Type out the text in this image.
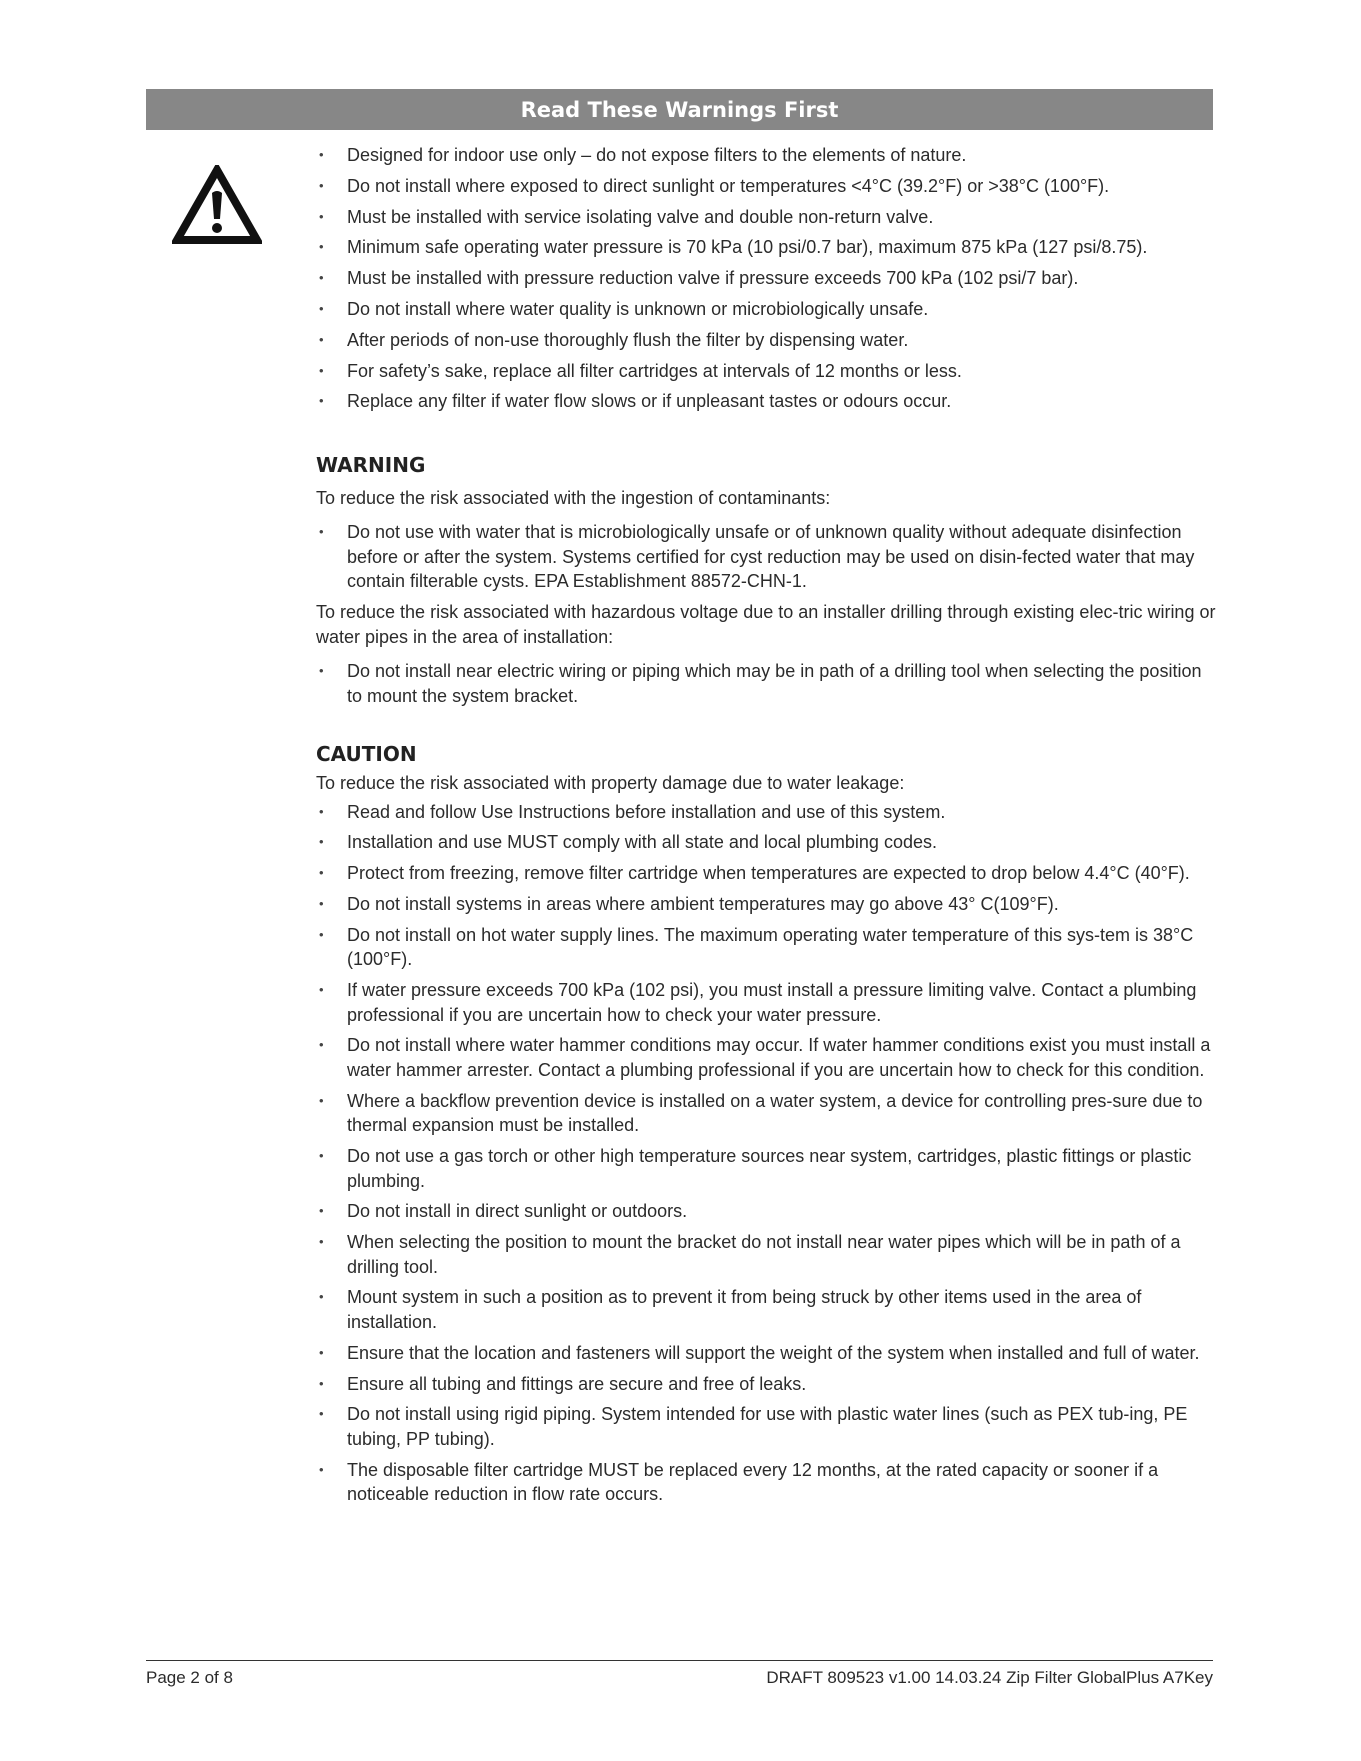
Read These Warnings First
• Designed for indoor use only – do not expose filters to the elements of nature.
• Do not install where exposed to direct sunlight or temperatures <4°C (39.2°F) or >38°C (100°F).
• Must be installed with service isolating valve and double non-return valve.
• Minimum safe operating water pressure is 70 kPa (10 psi/0.7 bar), maximum 875 kPa (127 psi/8.75).
• Must be installed with pressure reduction valve if pressure exceeds 700 kPa (102 psi/7 bar).
• Do not install where water quality is unknown or microbiologically unsafe.
• After periods of non-use thoroughly flush the filter by dispensing water.
• For safety’s sake, replace all filter cartridges at intervals of 12 months or less.
• Replace any filter if water flow slows or if unpleasant tastes or odours occur.

WARNING

To reduce the risk associated with the ingestion of contaminants:

• Do not use with water that is microbiologically unsafe or of unknown quality without adequate disinfection before or after the system. Systems certified for cyst reduction may be used on disin-fected water that may contain filterable cysts. EPA Establishment 88572-CHN-1.

To reduce the risk associated with hazardous voltage due to an installer drilling through existing elec-tric wiring or water pipes in the area of installation:

• Do not install near electric wiring or piping which may be in path of a drilling tool when selecting the position to mount the system bracket.

CAUTION

To reduce the risk associated with property damage due to water leakage:

• Read and follow Use Instructions before installation and use of this system.
• Installation and use MUST comply with all state and local plumbing codes.
• Protect from freezing, remove filter cartridge when temperatures are expected to drop below 4.4°C (40°F).
• Do not install systems in areas where ambient temperatures may go above 43° C(109°F).
• Do not install on hot water supply lines. The maximum operating water temperature of this sys-tem is 38°C (100°F).
• If water pressure exceeds 700 kPa (102 psi), you must install a pressure limiting valve. Contact a plumbing professional if you are uncertain how to check your water pressure.
• Do not install where water hammer conditions may occur. If water hammer conditions exist you must install a water hammer arrester. Contact a plumbing professional if you are uncertain how to check for this condition.
• Where a backflow prevention device is installed on a water system, a device for controlling pres-sure due to thermal expansion must be installed.
• Do not use a gas torch or other high temperature sources near system, cartridges, plastic fittings or plastic plumbing.
• Do not install in direct sunlight or outdoors.
• When selecting the position to mount the bracket do not install near water pipes which will be in path of a drilling tool.
• Mount system in such a position as to prevent it from being struck by other items used in the area of installation.
• Ensure that the location and fasteners will support the weight of the system when installed and full of water.
• Ensure all tubing and fittings are secure and free of leaks.
• Do not install using rigid piping. System intended for use with plastic water lines (such as PEX tub-ing, PE tubing, PP tubing).
• The disposable filter cartridge MUST be replaced every 12 months, at the rated capacity or sooner if a noticeable reduction in flow rate occurs.
Page 2 of 8	DRAFT 809523 v1.00 14.03.24 Zip Filter GlobalPlus A7Key
